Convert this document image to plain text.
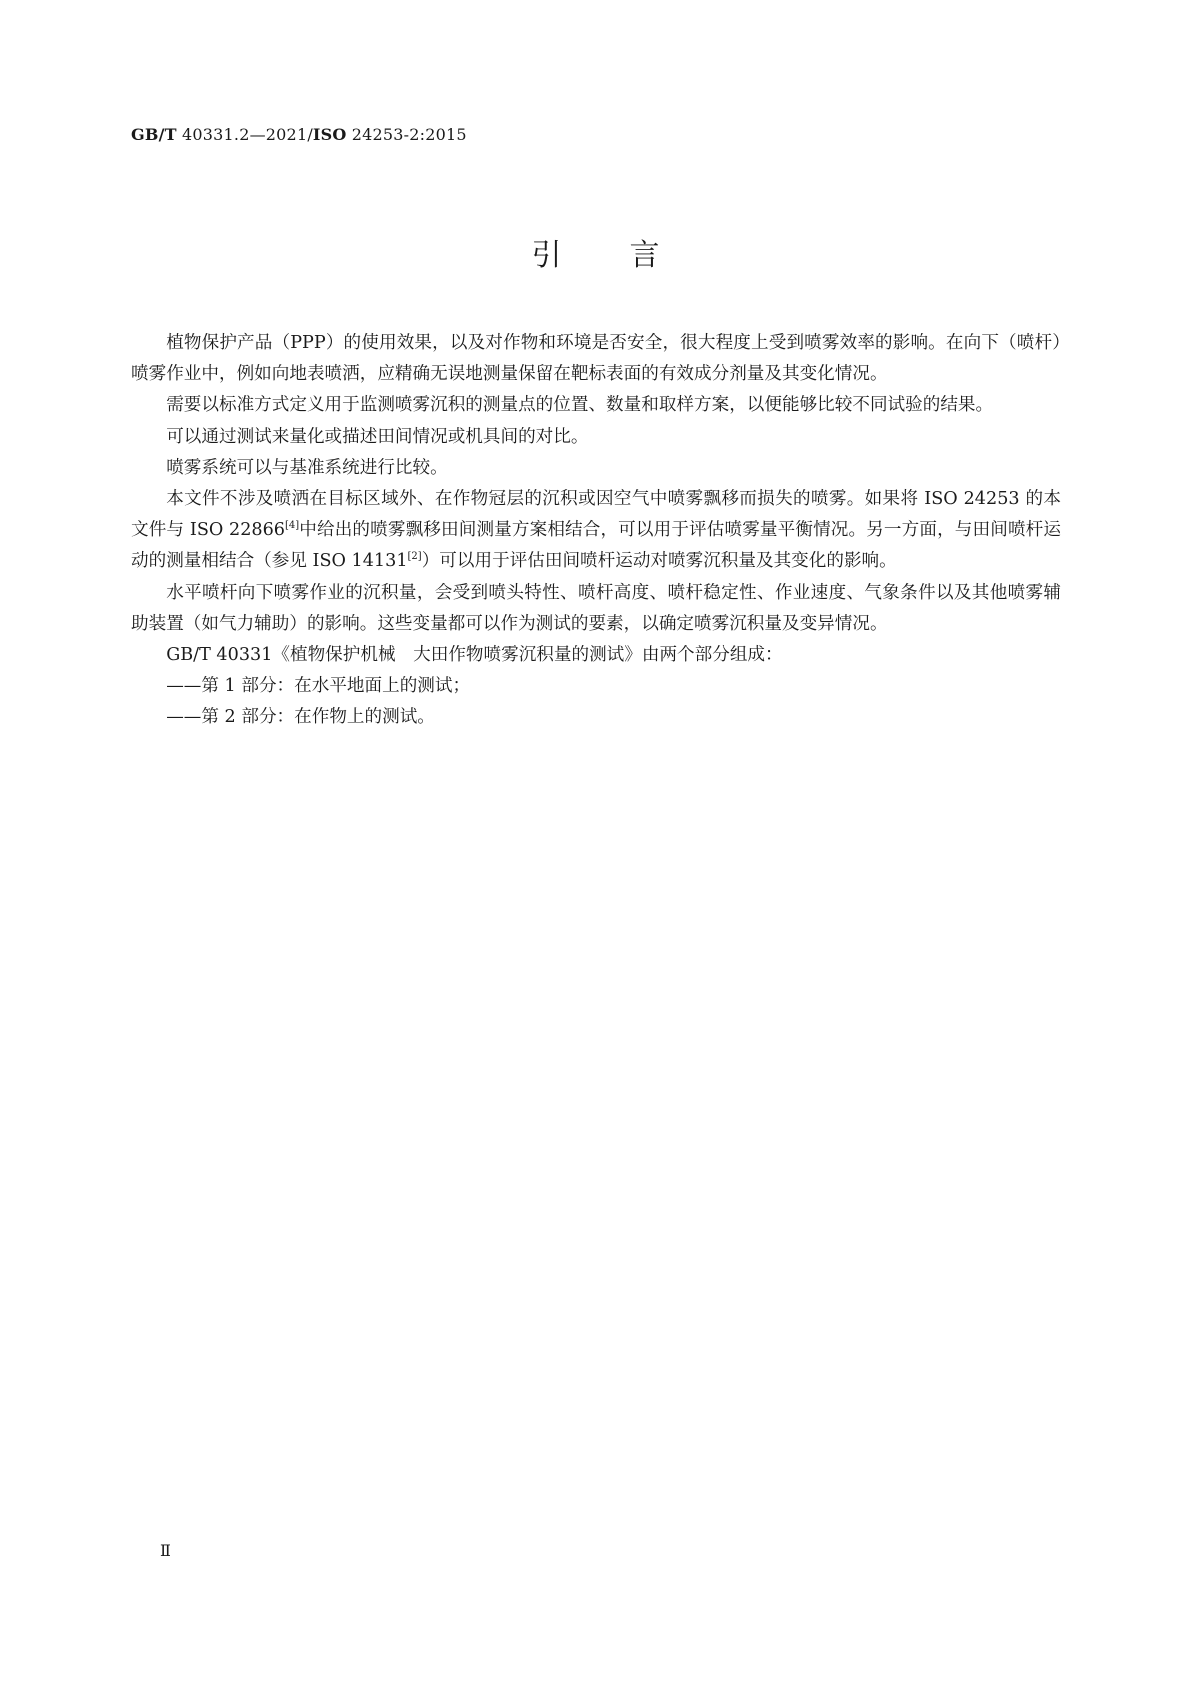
GB/T 40331.2—2021/ISO 24253-2:2015
引言

植物保护产品（PPP）的使用效果，以及对作物和环境是否安全，很大程度上受到喷雾效率的影响。在向下（喷杆）喷雾作业中，例如向地表喷洒，应精确无误地测量保留在靶标表面的有效成分剂量及其变化情况。

需要以标准方式定义用于监测喷雾沉积的测量点的位置、数量和取样方案，以便能够比较不同试验的结果。

可以通过测试来量化或描述田间情况或机具间的对比。

喷雾系统可以与基准系统进行比较。

本文件不涉及喷洒在目标区域外、在作物冠层的沉积或因空气中喷雾飘移而损失的喷雾。如果将 ISO 24253 的本文件与 ISO 22866[4]中给出的喷雾飘移田间测量方案相结合，可以用于评估喷雾量平衡情况。另一方面，与田间喷杆运动的测量相结合（参见 ISO 14131[2]）可以用于评估田间喷杆运动对喷雾沉积量及其变化的影响。

水平喷杆向下喷雾作业的沉积量，会受到喷头特性、喷杆高度、喷杆稳定性、作业速度、气象条件以及其他喷雾辅助装置（如气力辅助）的影响。这些变量都可以作为测试的要素，以确定喷雾沉积量及变异情况。

GB/T 40331《植物保护机械　大田作物喷雾沉积量的测试》由两个部分组成：

——第 1 部分：在水平地面上的测试；

——第 2 部分：在作物上的测试。

Ⅱ
